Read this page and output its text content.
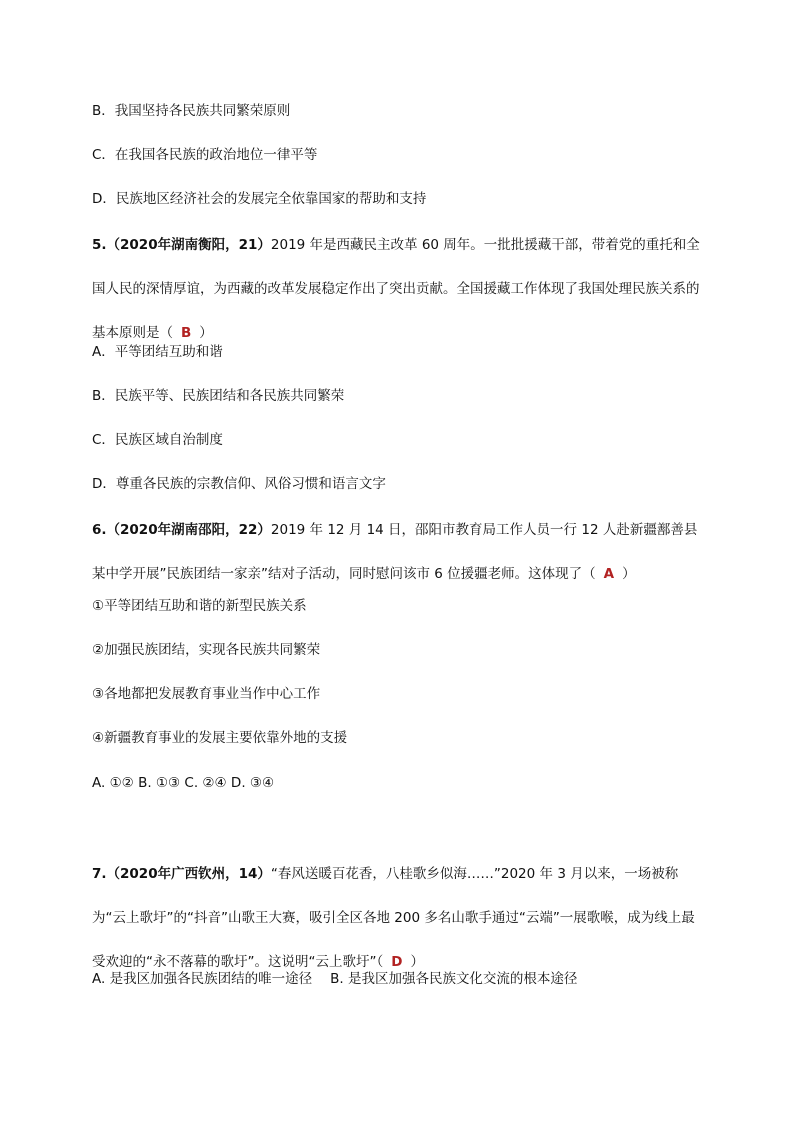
B．我国坚持各民族共同繁荣原则
C．在我国各民族的政治地位一律平等
D．民族地区经济社会的发展完全依靠国家的帮助和支持
5.（2020年湖南衡阳，21）2019 年是西藏民主改革 60 周年。一批批援藏干部，带着党的重托和全国人民的深情厚谊，为西藏的改革发展稳定作出了突出贡献。全国援藏工作体现了我国处理民族关系的基本原则是（ B ）
A．平等团结互助和谐
B．民族平等、民族团结和各民族共同繁荣
C．民族区域自治制度
D．尊重各民族的宗教信仰、风俗习惯和语言文字
6.（2020年湖南邵阳，22）2019 年 12 月 14 日，邵阳市教育局工作人员一行 12 人赴新疆鄯善县某中学开展”民族团结一家亲”结对子活动，同时慰问该市 6 位援疆老师。这体现了（ A ）
①平等团结互助和谐的新型民族关系
②加强民族团结，实现各民族共同繁荣
③各地都把发展教育事业当作中心工作
④新疆教育事业的发展主要依靠外地的支援
A. ①② B. ①③ C. ②④ D. ③④
7.（2020年广西钦州，14）“春风送暖百花香，八桂歌乡似海……”2020 年 3 月以来，一场被称为“云上歌圩”的“抖音”山歌王大赛，吸引全区各地 200 多名山歌手通过“云端”一展歌喉，成为线上最受欢迎的“永不落幕的歌圩”。这说明“云上歌圩”（ D ）
A. 是我区加强各民族团结的唯一途径 B. 是我区加强各民族文化交流的根本途径
